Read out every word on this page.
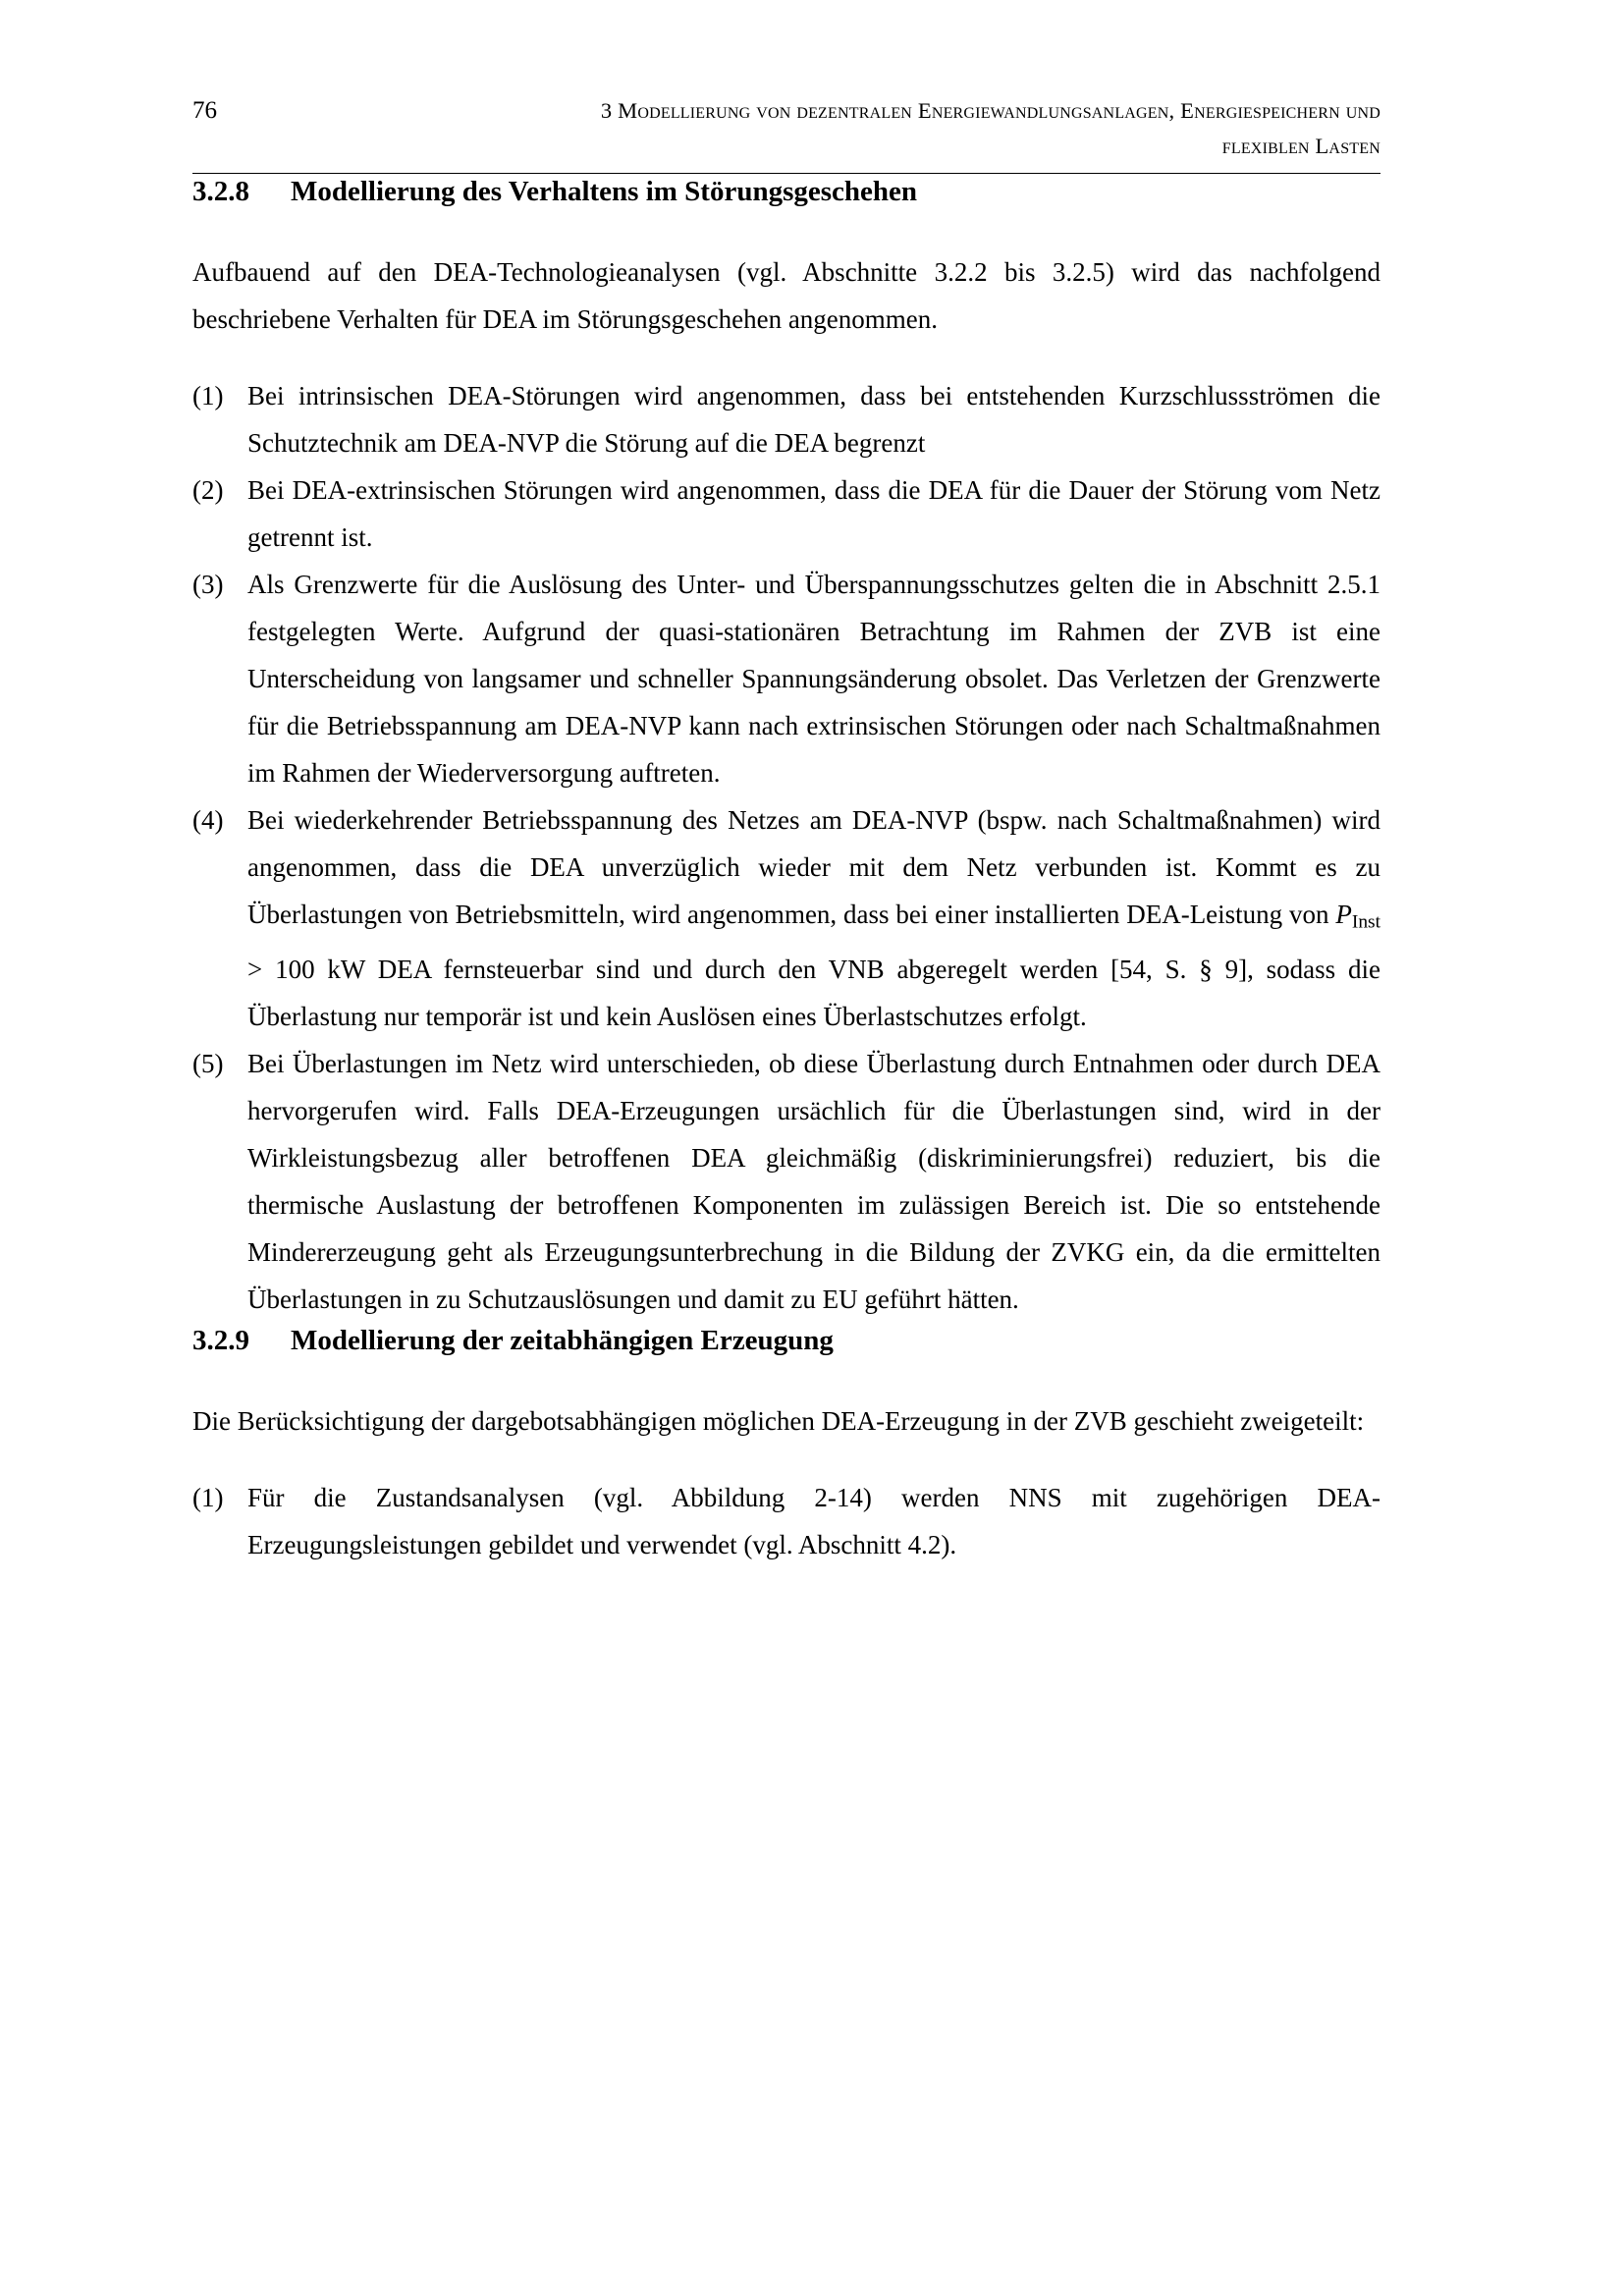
76	3 Modellierung von dezentralen Energiewandlungsanlagen, Energiespeichern und
flexiblen Lasten
3.2.8	Modellierung des Verhaltens im Störungsgeschehen
Aufbauend auf den DEA-Technologieanalysen (vgl. Abschnitte 3.2.2 bis 3.2.5) wird das nachfolgend beschriebene Verhalten für DEA im Störungsgeschehen angenommen.
(1) Bei intrinsischen DEA-Störungen wird angenommen, dass bei entstehenden Kurzschlussströmen die Schutztechnik am DEA-NVP die Störung auf die DEA begrenzt
(2) Bei DEA-extrinsischen Störungen wird angenommen, dass die DEA für die Dauer der Störung vom Netz getrennt ist.
(3) Als Grenzwerte für die Auslösung des Unter- und Überspannungsschutzes gelten die in Abschnitt 2.5.1 festgelegten Werte. Aufgrund der quasi-stationären Betrachtung im Rahmen der ZVB ist eine Unterscheidung von langsamer und schneller Spannungsänderung obsolet. Das Verletzen der Grenzwerte für die Betriebsspannung am DEA-NVP kann nach extrinsischen Störungen oder nach Schaltmaßnahmen im Rahmen der Wiederversorgung auftreten.
(4) Bei wiederkehrender Betriebsspannung des Netzes am DEA-NVP (bspw. nach Schaltmaßnahmen) wird angenommen, dass die DEA unverzüglich wieder mit dem Netz verbunden ist. Kommt es zu Überlastungen von Betriebsmitteln, wird angenommen, dass bei einer installierten DEA-Leistung von $P_{Inst} > 100$ kW DEA fernsteuerbar sind und durch den VNB abgeregelt werden [54, S. § 9], sodass die Überlastung nur temporär ist und kein Auslösen eines Überlastschutzes erfolgt.
(5) Bei Überlastungen im Netz wird unterschieden, ob diese Überlastung durch Entnahmen oder durch DEA hervorgerufen wird. Falls DEA-Erzeugungen ursächlich für die Überlastungen sind, wird in der Wirkleistungsbezug aller betroffenen DEA gleichmäßig (diskriminierungsfrei) reduziert, bis die thermische Auslastung der betroffenen Komponenten im zulässigen Bereich ist. Die so entstehende Mindererzeugung geht als Erzeugungsunterbrechung in die Bildung der ZVKG ein, da die ermittelten Überlastungen in zu Schutzauslösungen und damit zu EU geführt hätten.
3.2.9	Modellierung der zeitabhängigen Erzeugung
Die Berücksichtigung der dargebotsabhängigen möglichen DEA-Erzeugung in der ZVB geschieht zweigeteilt:
(1) Für die Zustandsanalysen (vgl. Abbildung 2-14) werden NNS mit zugehörigen DEA-Erzeugungsleistungen gebildet und verwendet (vgl. Abschnitt 4.2).
